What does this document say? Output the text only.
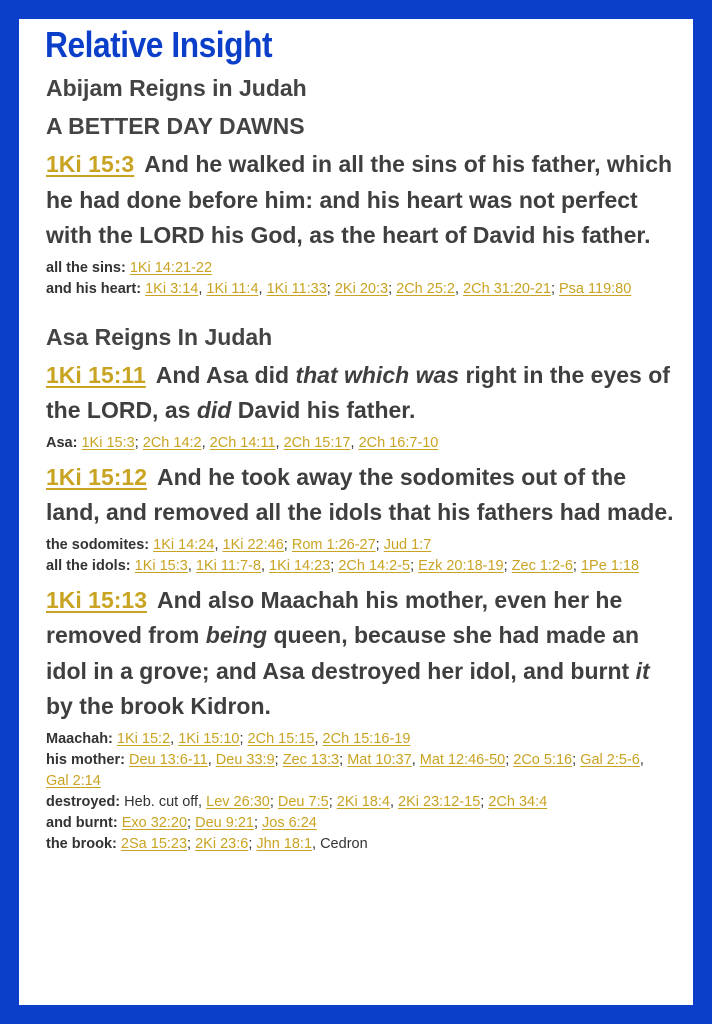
Relative Insight
Abijam Reigns in Judah
A BETTER DAY DAWNS
1Ki 15:3 And he walked in all the sins of his father, which he had done before him: and his heart was not perfect with the LORD his God, as the heart of David his father.
all the sins: 1Ki 14:21-22
and his heart: 1Ki 3:14, 1Ki 11:4, 1Ki 11:33; 2Ki 20:3; 2Ch 25:2, 2Ch 31:20-21; Psa 119:80
Asa Reigns In Judah
1Ki 15:11 And Asa did that which was right in the eyes of the LORD, as did David his father.
Asa: 1Ki 15:3; 2Ch 14:2, 2Ch 14:11, 2Ch 15:17, 2Ch 16:7-10
1Ki 15:12 And he took away the sodomites out of the land, and removed all the idols that his fathers had made.
the sodomites: 1Ki 14:24, 1Ki 22:46; Rom 1:26-27; Jud 1:7
all the idols: 1Ki 15:3, 1Ki 11:7-8, 1Ki 14:23; 2Ch 14:2-5; Ezk 20:18-19; Zec 1:2-6; 1Pe 1:18
1Ki 15:13 And also Maachah his mother, even her he removed from being queen, because she had made an idol in a grove; and Asa destroyed her idol, and burnt it by the brook Kidron.
Maachah: 1Ki 15:2, 1Ki 15:10; 2Ch 15:15, 2Ch 15:16-19
his mother: Deu 13:6-11, Deu 33:9; Zec 13:3; Mat 10:37, Mat 12:46-50; 2Co 5:16; Gal 2:5-6, Gal 2:14
destroyed: Heb. cut off, Lev 26:30; Deu 7:5; 2Ki 18:4, 2Ki 23:12-15; 2Ch 34:4
and burnt: Exo 32:20; Deu 9:21; Jos 6:24
the brook: 2Sa 15:23; 2Ki 23:6; Jhn 18:1, Cedron
